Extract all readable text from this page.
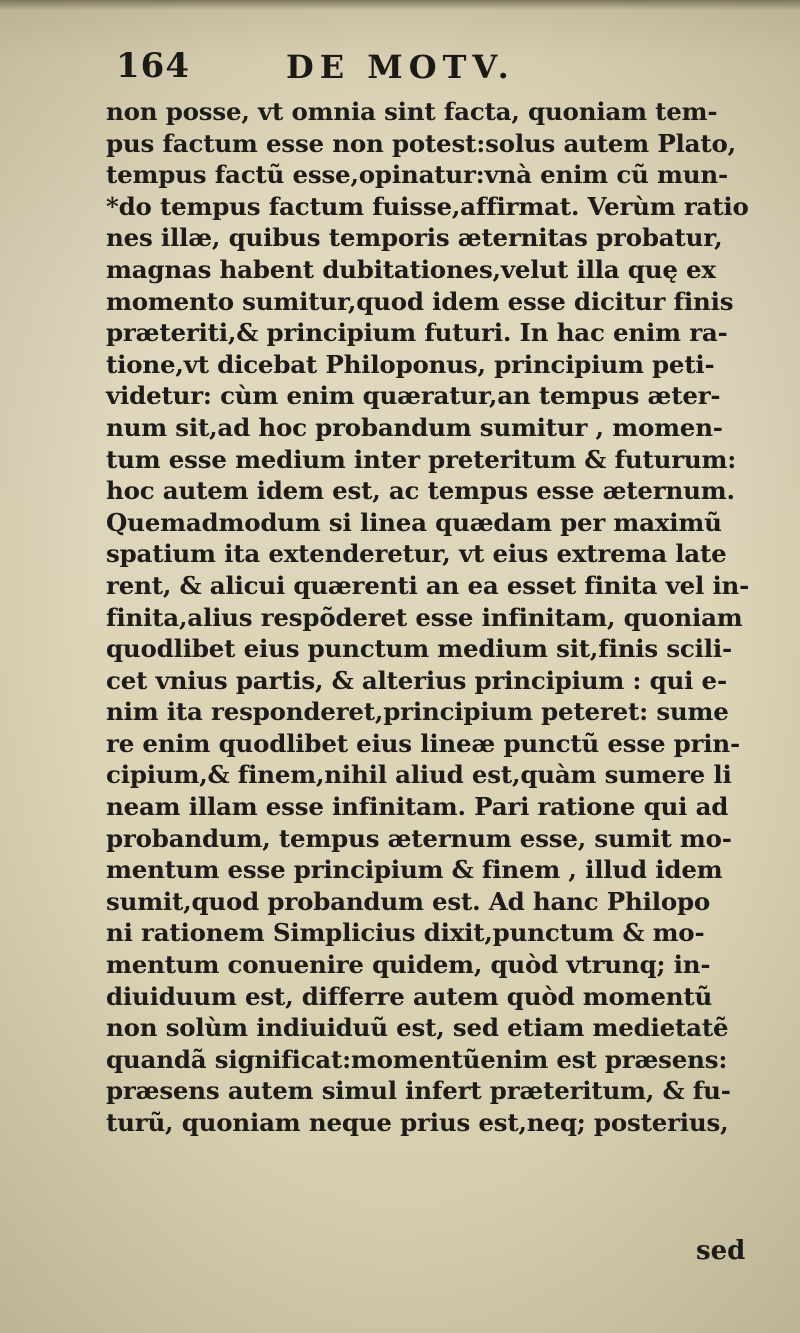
164	DE MOTV.
non posse, vt omnia sint facta, quoniam tem-
pus factum esse non potest:solus autem Plato,
tempus factũ esse,opinatur:vnà enim cũ mun-
*do tempus factum fuisse,affirmat. Verùm ratio
nes illæ, quibus temporis æternitas probatur,
magnas habent dubitationes,velut illa quę ex
momento sumitur,quod idem esse dicitur finis
præteriti,& principium futuri. In hac enim ra-
tione,vt dicebat Philoponus, principium peti-
videtur: cùm enim quæratur,an tempus æter-
num sit,ad hoc probandum sumitur , momen-
tum esse medium inter preteritum & futurum:
hoc autem idem est, ac tempus esse æternum.
Quemadmodum si linea quædam per maximũ
spatium ita extenderetur, vt eius extrema late
rent, & alicui quærenti an ea esset finita vel in-
finita,alius respõderet esse infinitam, quoniam
quodlibet eius punctum medium sit,finis scili-
cet vnius partis, & alterius principium : qui e-
nim ita responderet,principium peteret: sume
re enim quodlibet eius lineæ punctũ esse prin-
cipium,& finem,nihil aliud est,quàm sumere li
neam illam esse infinitam. Pari ratione qui ad
probandum, tempus æternum esse, sumit mo-
mentum esse principium & finem , illud idem
sumit,quod probandum est. Ad hanc Philopo
ni rationem Simplicius dixit,punctum & mo-
mentum conuenire quidem, quòd vtrunq; in-
diuiduum est, differre autem quòd momentũ
non solùm indiuiduũ est, sed etiam medietatẽ
quandã significat:momentũenim est præsens:
præsens autem simul infert præteritum, & fu-
turũ, quoniam neque prius est,neq; posterius,
sed
